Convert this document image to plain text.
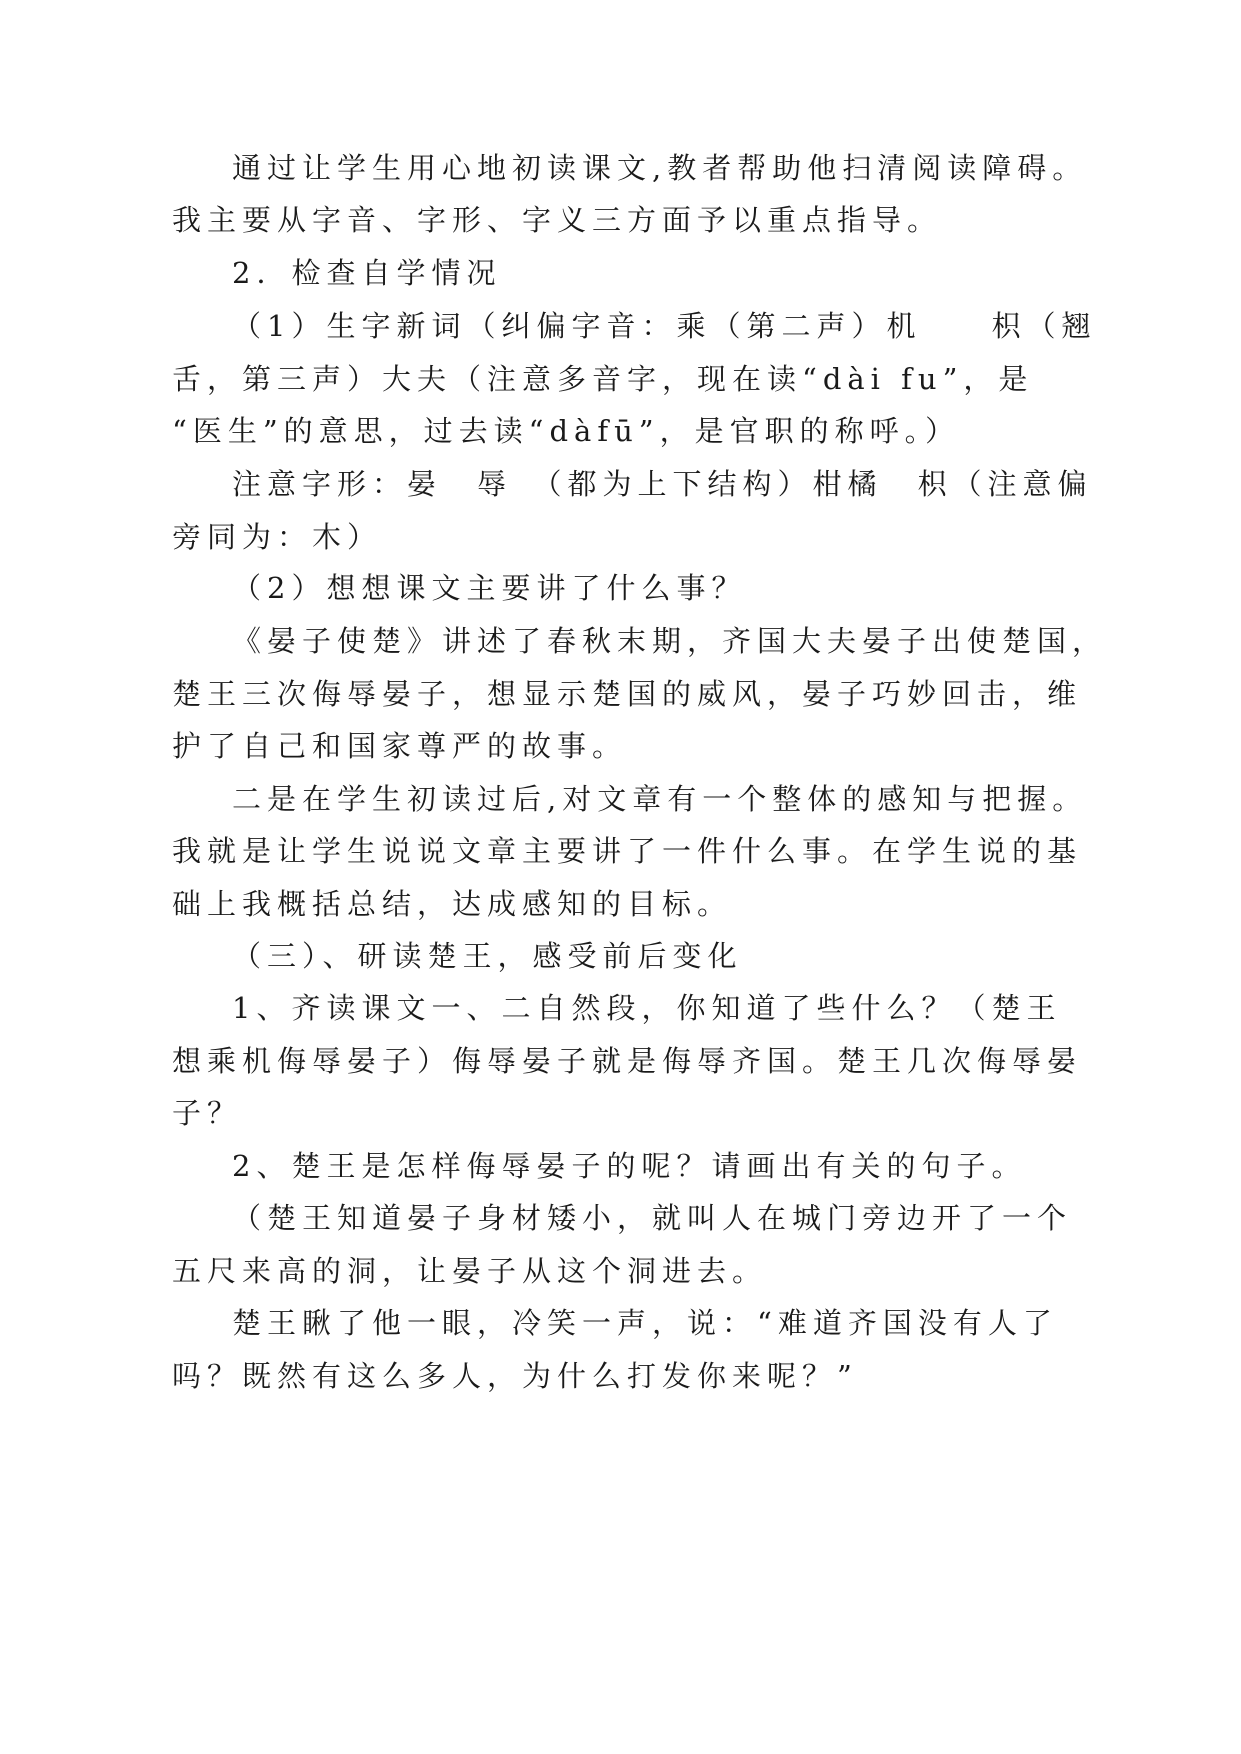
通过让学生用心地初读课文,教者帮助他扫清阅读障碍。
我主要从字音、字形、字义三方面予以重点指导。
2．检查自学情况
（1）生字新词（纠偏字音：乘（第二声）机　　枳（翘
舌，第三声）大夫（注意多音字，现在读“dài fu”，是
“医生”的意思，过去读“dàfū”，是官职的称呼。）
注意字形：晏　辱　（都为上下结构）柑橘　枳（注意偏
旁同为：木）
（2）想想课文主要讲了什么事？
《晏子使楚》讲述了春秋末期，齐国大夫晏子出使楚国，
楚王三次侮辱晏子，想显示楚国的威风，晏子巧妙回击，维
护了自己和国家尊严的故事。
二是在学生初读过后,对文章有一个整体的感知与把握。
我就是让学生说说文章主要讲了一件什么事。在学生说的基
础上我概括总结，达成感知的目标。
（三）、研读楚王，感受前后变化
1、齐读课文一、二自然段，你知道了些什么？（楚王
想乘机侮辱晏子）侮辱晏子就是侮辱齐国。楚王几次侮辱晏
子？
2、楚王是怎样侮辱晏子的呢？请画出有关的句子。
（楚王知道晏子身材矮小，就叫人在城门旁边开了一个
五尺来高的洞，让晏子从这个洞进去。
楚王瞅了他一眼，冷笑一声，说：“难道齐国没有人了
吗？既然有这么多人，为什么打发你来呢？”
